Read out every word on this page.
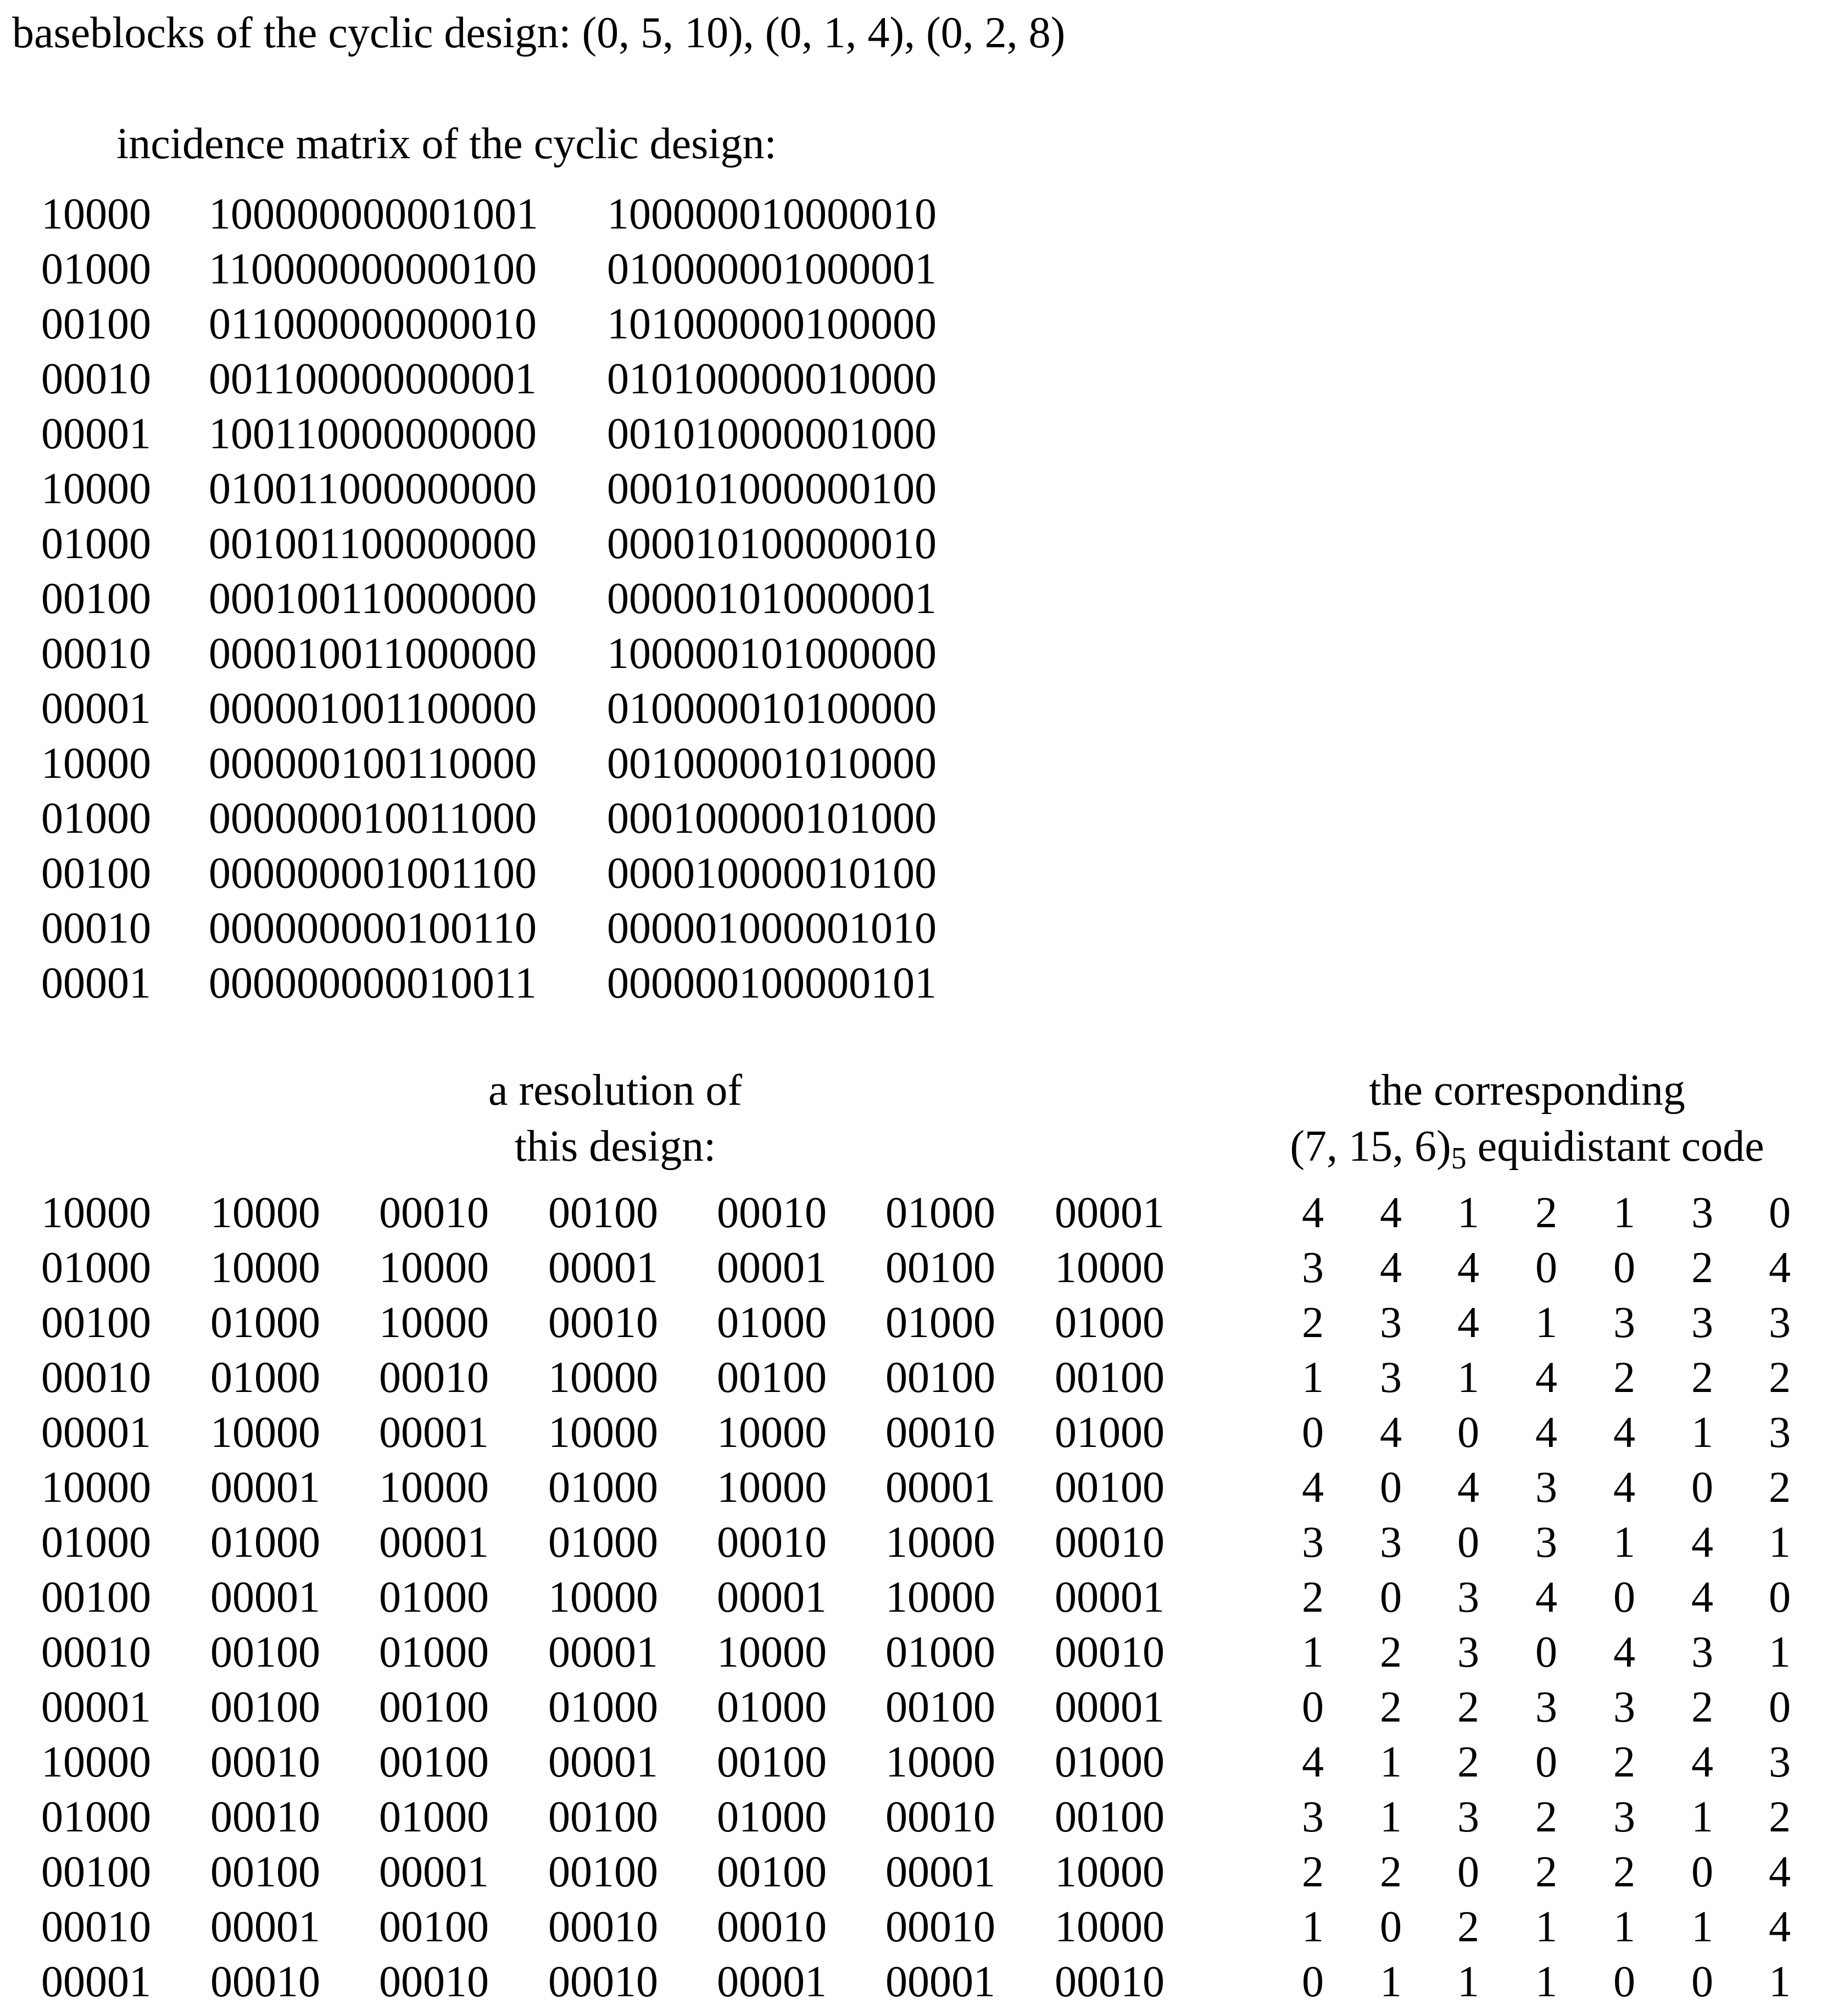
baseblocks of the cyclic design: (0, 5, 10), (0, 1, 4), (0, 2, 8)
incidence matrix of the cyclic design:
10000 100000000001001 100000010000010
01000 110000000000100 010000001000001
00100 011000000000010 101000000100000
00010 001100000000001 010100000010000
00001 100110000000000 001010000001000
10000 010011000000000 000101000000100
01000 001001100000000 000010100000010
00100 000100110000000 000001010000001
00010 000010011000000 100000101000000
00001 000001001100000 010000010100000
10000 000000100110000 001000001010000
01000 000000010011000 000100000101000
00100 000000001001100 000010000010100
00010 000000000100110 000001000001010
00001 000000000010011 000000100000101
a resolution of
this design:
the corresponding
(7, 15, $6)_5$ equidistant code
10000 10000 00010 00100 00010 01000 00001
01000 10000 10000 00001 00001 00100 10000
00100 01000 10000 00010 01000 01000 01000
00010 01000 00010 10000 00100 00100 00100
00001 10000 00001 10000 10000 00010 01000
10000 00001 10000 01000 10000 00001 00100
01000 01000 00001 01000 00010 10000 00010
00100 00001 01000 10000 00001 10000 00001
00010 00100 01000 00001 10000 01000 00010
00001 00100 00100 01000 01000 00100 00001
10000 00010 00100 00001 00100 10000 01000
01000 00010 01000 00100 01000 00010 00100
00100 00100 00001 00100 00100 00001 10000
00010 00001 00100 00010 00010 00010 10000
00001 00010 00010 00010 00001 00001 00010
4 4 1 2 1 3 0
3 4 4 0 0 2 4
2 3 4 1 3 3 3
1 3 1 4 2 2 2
0 4 0 4 4 1 3
4 0 4 3 4 0 2
3 3 0 3 1 4 1
2 0 3 4 0 4 0
1 2 3 0 4 3 1
0 2 2 3 3 2 0
4 1 2 0 2 4 3
3 1 3 2 3 1 2
2 2 0 2 2 0 4
1 0 2 1 1 1 4
0 1 1 1 0 0 1
